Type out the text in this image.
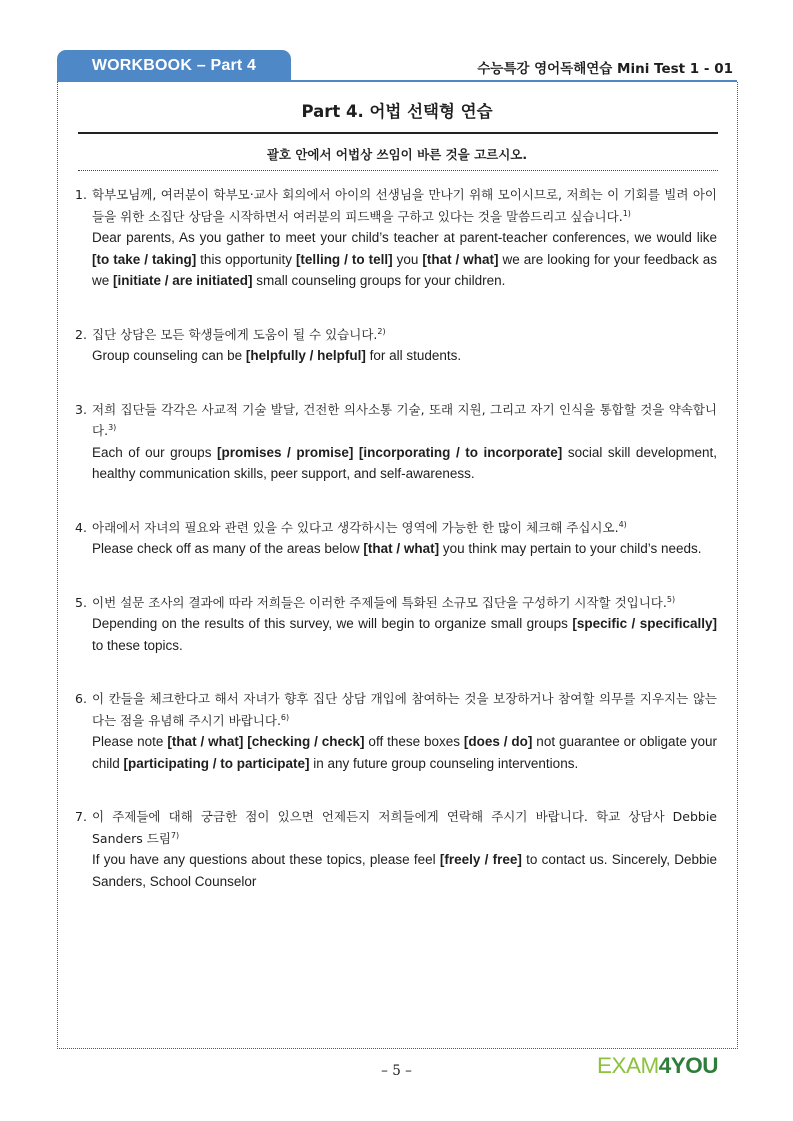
WORKBOOK – Part 4	수능특강 영어독해연습 Mini Test 1 - 01
Part 4. 어법 선택형 연습
괄호 안에서 어법상 쓰임이 바른 것을 고르시오.
1. 학부모님께, 여러분이 학부모‧교사 회의에서 아이의 선생님을 만나기 위해 모이시므로, 저희는 이 기회를 빌려 아이들을 위한 소집단 상담을 시작하면서 여러분의 피드백을 구하고 있다는 것을 말씀드리고 싶습니다.$^{1)}$
Dear parents, As you gather to meet your child’s teacher at parent‐teacher conferences, we would like [to take / taking] this opportunity [telling / to tell] you [that / what] we are looking for your feedback as we [initiate / are initiated] small counseling groups for your children.
2. 집단 상담은 모든 학생들에게 도움이 될 수 있습니다.$^{2)}$
Group counseling can be [helpfully / helpful] for all students.
3. 저희 집단들 각각은 사교적 기술 발달, 건전한 의사소통 기술, 또래 지원, 그리고 자기 인식을 통합할 것을 약속합니다.$^{3)}$
Each of our groups [promises / promise] [incorporating / to incorporate] social skill development, healthy communication skills, peer support, and self‐awareness.
4. 아래에서 자녀의 필요와 관련 있을 수 있다고 생각하시는 영역에 가능한 한 많이 체크해 주십시오.$^{4)}$
Please check off as many of the areas below [that / what] you think may pertain to your child’s needs.
5. 이번 설문 조사의 결과에 따라 저희들은 이러한 주제들에 특화된 소규모 집단을 구성하기 시작할 것입니다.$^{5)}$
Depending on the results of this survey, we will begin to organize small groups [specific / specifically] to these topics.
6. 이 칸들을 체크한다고 해서 자녀가 향후 집단 상담 개입에 참여하는 것을 보장하거나 참여할 의무를 지우지는 않는다는 점을 유념해 주시기 바랍니다.$^{6)}$
Please note [that / what] [checking / check] off these boxes [does / do] not guarantee or obligate your child [participating / to participate] in any future group counseling interventions.
7. 이 주제들에 대해 궁금한 점이 있으면 언제든지 저희들에게 연락해 주시기 바랍니다. 학교 상담사 Debbie Sanders 드림$^{7)}$
If you have any questions about these topics, please feel [freely / free] to contact us. Sincerely, Debbie Sanders, School Counselor
– 5 –	EXAM4YOU
